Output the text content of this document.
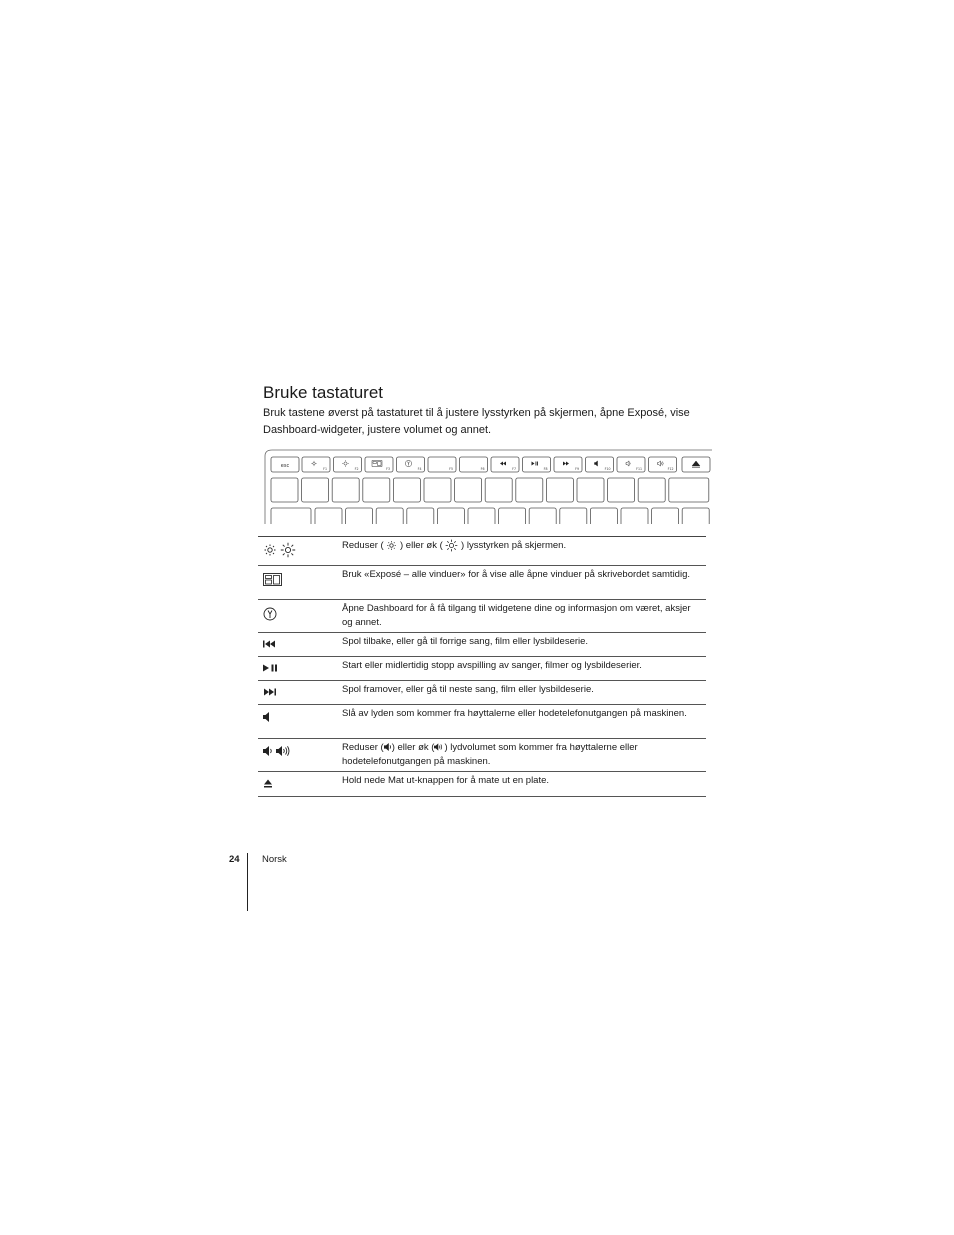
Bruke tastaturet

Bruk tastene øverst på tastaturet til å justere lysstyrken på skjermen, åpne Exposé, vise Dashboard-widgeter, justere volumet og annet.

esc	F1	F2	F3	F4	F5	F6	F7	F8	F9	F10	F11	F12
Reduser ( ) eller øk ( ) lysstyrken på skjermen.
Bruk «Exposé – alle vinduer» for å vise alle åpne vinduer på skrivebordet samtidig.
Åpne Dashboard for å få tilgang til widgetene dine og informasjon om været, aksjer og annet.
Spol tilbake, eller gå til forrige sang, film eller lysbildeserie.
Start eller midlertidig stopp avspilling av sanger, filmer og lysbildeserier.
Spol framover, eller gå til neste sang, film eller lysbildeserie.
Slå av lyden som kommer fra høyttalerne eller hodetelefonutgangen på maskinen.
Reduser ( ) eller øk ( ) lydvolumet som kommer fra høyttalerne eller hodetelefonutgangen på maskinen.
Hold nede Mat ut-knappen for å mate ut en plate.
24 Norsk
